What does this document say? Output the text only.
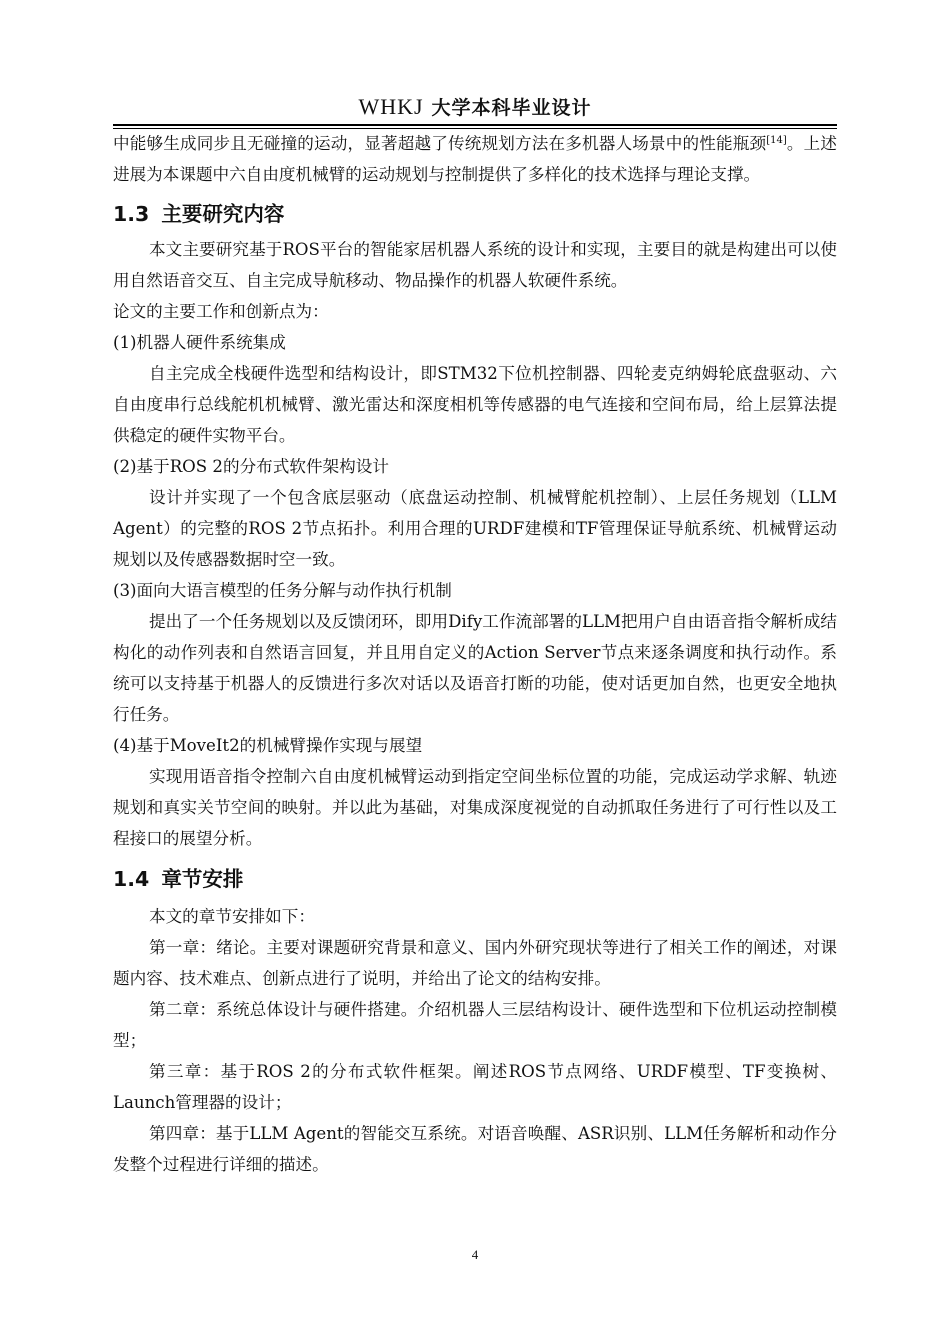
WHKJ 大学本科毕业设计

中能够生成同步且无碰撞的运动，显著超越了传统规划方法在多机器人场景中的性能瓶颈[14]。上述进展为本课题中六自由度机械臂的运动规划与控制提供了多样化的技术选择与理论支撑。

1.3 主要研究内容

本文主要研究基于ROS平台的智能家居机器人系统的设计和实现，主要目的就是构建出可以使用自然语音交互、自主完成导航移动、物品操作的机器人软硬件系统。

论文的主要工作和创新点为：

(1)机器人硬件系统集成

自主完成全栈硬件选型和结构设计，即STM32下位机控制器、四轮麦克纳姆轮底盘驱动、六自由度串行总线舵机机械臂、激光雷达和深度相机等传感器的电气连接和空间布局，给上层算法提供稳定的硬件实物平台。

(2)基于ROS 2的分布式软件架构设计

设计并实现了一个包含底层驱动（底盘运动控制、机械臂舵机控制）、上层任务规划（LLM Agent）的完整的ROS 2节点拓扑。利用合理的URDF建模和TF管理保证导航系统、机械臂运动规划以及传感器数据时空一致。

(3)面向大语言模型的任务分解与动作执行机制

提出了一个任务规划以及反馈闭环，即用Dify工作流部署的LLM把用户自由语音指令解析成结构化的动作列表和自然语言回复，并且用自定义的Action Server节点来逐条调度和执行动作。系统可以支持基于机器人的反馈进行多次对话以及语音打断的功能，使对话更加自然，也更安全地执行任务。

(4)基于MoveIt2的机械臂操作实现与展望

实现用语音指令控制六自由度机械臂运动到指定空间坐标位置的功能，完成运动学求解、轨迹规划和真实关节空间的映射。并以此为基础，对集成深度视觉的自动抓取任务进行了可行性以及工程接口的展望分析。

1.4 章节安排

本文的章节安排如下：

第一章：绪论。主要对课题研究背景和意义、国内外研究现状等进行了相关工作的阐述，对课题内容、技术难点、创新点进行了说明，并给出了论文的结构安排。

第二章：系统总体设计与硬件搭建。介绍机器人三层结构设计、硬件选型和下位机运动控制模型；

第三章：基于ROS 2的分布式软件框架。阐述ROS节点网络、URDF模型、TF变换树、Launch管理器的设计；

第四章：基于LLM Agent的智能交互系统。对语音唤醒、ASR识别、LLM任务解析和动作分发整个过程进行详细的描述。

4
